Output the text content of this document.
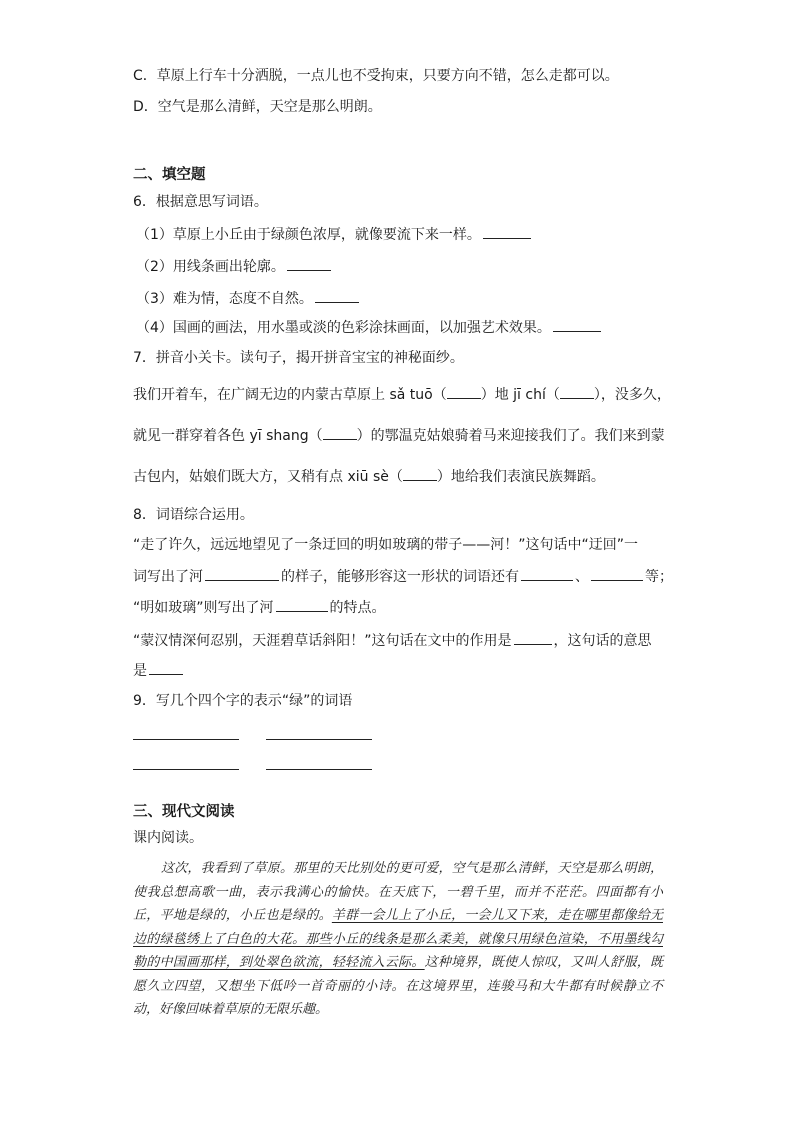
C．草原上行车十分洒脱，一点儿也不受拘束，只要方向不错，怎么走都可以。
D．空气是那么清鲜，天空是那么明朗。
二、填空题
6．根据意思写词语。
（1）草原上小丘由于绿颜色浓厚，就像要流下来一样。
（2）用线条画出轮廓。
（3）难为情，态度不自然。
（4）国画的画法，用水墨或淡的色彩涂抹画面，以加强艺术效果。
7．拼音小关卡。读句子，揭开拼音宝宝的神秘面纱。
我们开着车，在广阔无边的内蒙古草原上 sǎ tuō（ ）地 jī chí（ ），没多久，
就见一群穿着各色 yī shang（ ）的鄂温克姑娘骑着马来迎接我们了。我们来到蒙
古包内，姑娘们既大方，又稍有点 xiū sè（ ）地给我们表演民族舞蹈。
8．词语综合运用。
“走了许久，远远地望见了一条迂回的明如玻璃的带子——河！”这句话中“迂回”一
词写出了河	的样子，能够形容这一形状的词语还有	、	等；
“明如玻璃”则写出了河	的特点。
“蒙汉情深何忍别，天涯碧草话斜阳！”这句话在文中的作用是	，这句话的意思
是
9．写几个四个字的表示“绿”的词语
三、现代文阅读
课内阅读。

这次，我看到了草原。那里的天比别处的更可爱，空气是那么清鲜，天空是那么明朗，使我总想高歌一曲，表示我满心的愉快。在天底下，一碧千里，而并不茫茫。四面都有小丘，平地是绿的，小丘也是绿的。羊群一会儿上了小丘，一会儿又下来，走在哪里都像给无边的绿毯绣上了白色的大花。那些小丘的线条是那么柔美，就像只用绿色渲染，不用墨线勾勒的中国画那样，到处翠色欲流，轻轻流入云际。这种境界，既使人惊叹，又叫人舒服，既愿久立四望，又想坐下低吟一首奇丽的小诗。在这境界里，连骏马和大牛都有时候静立不动，好像回味着草原的无限乐趣。
